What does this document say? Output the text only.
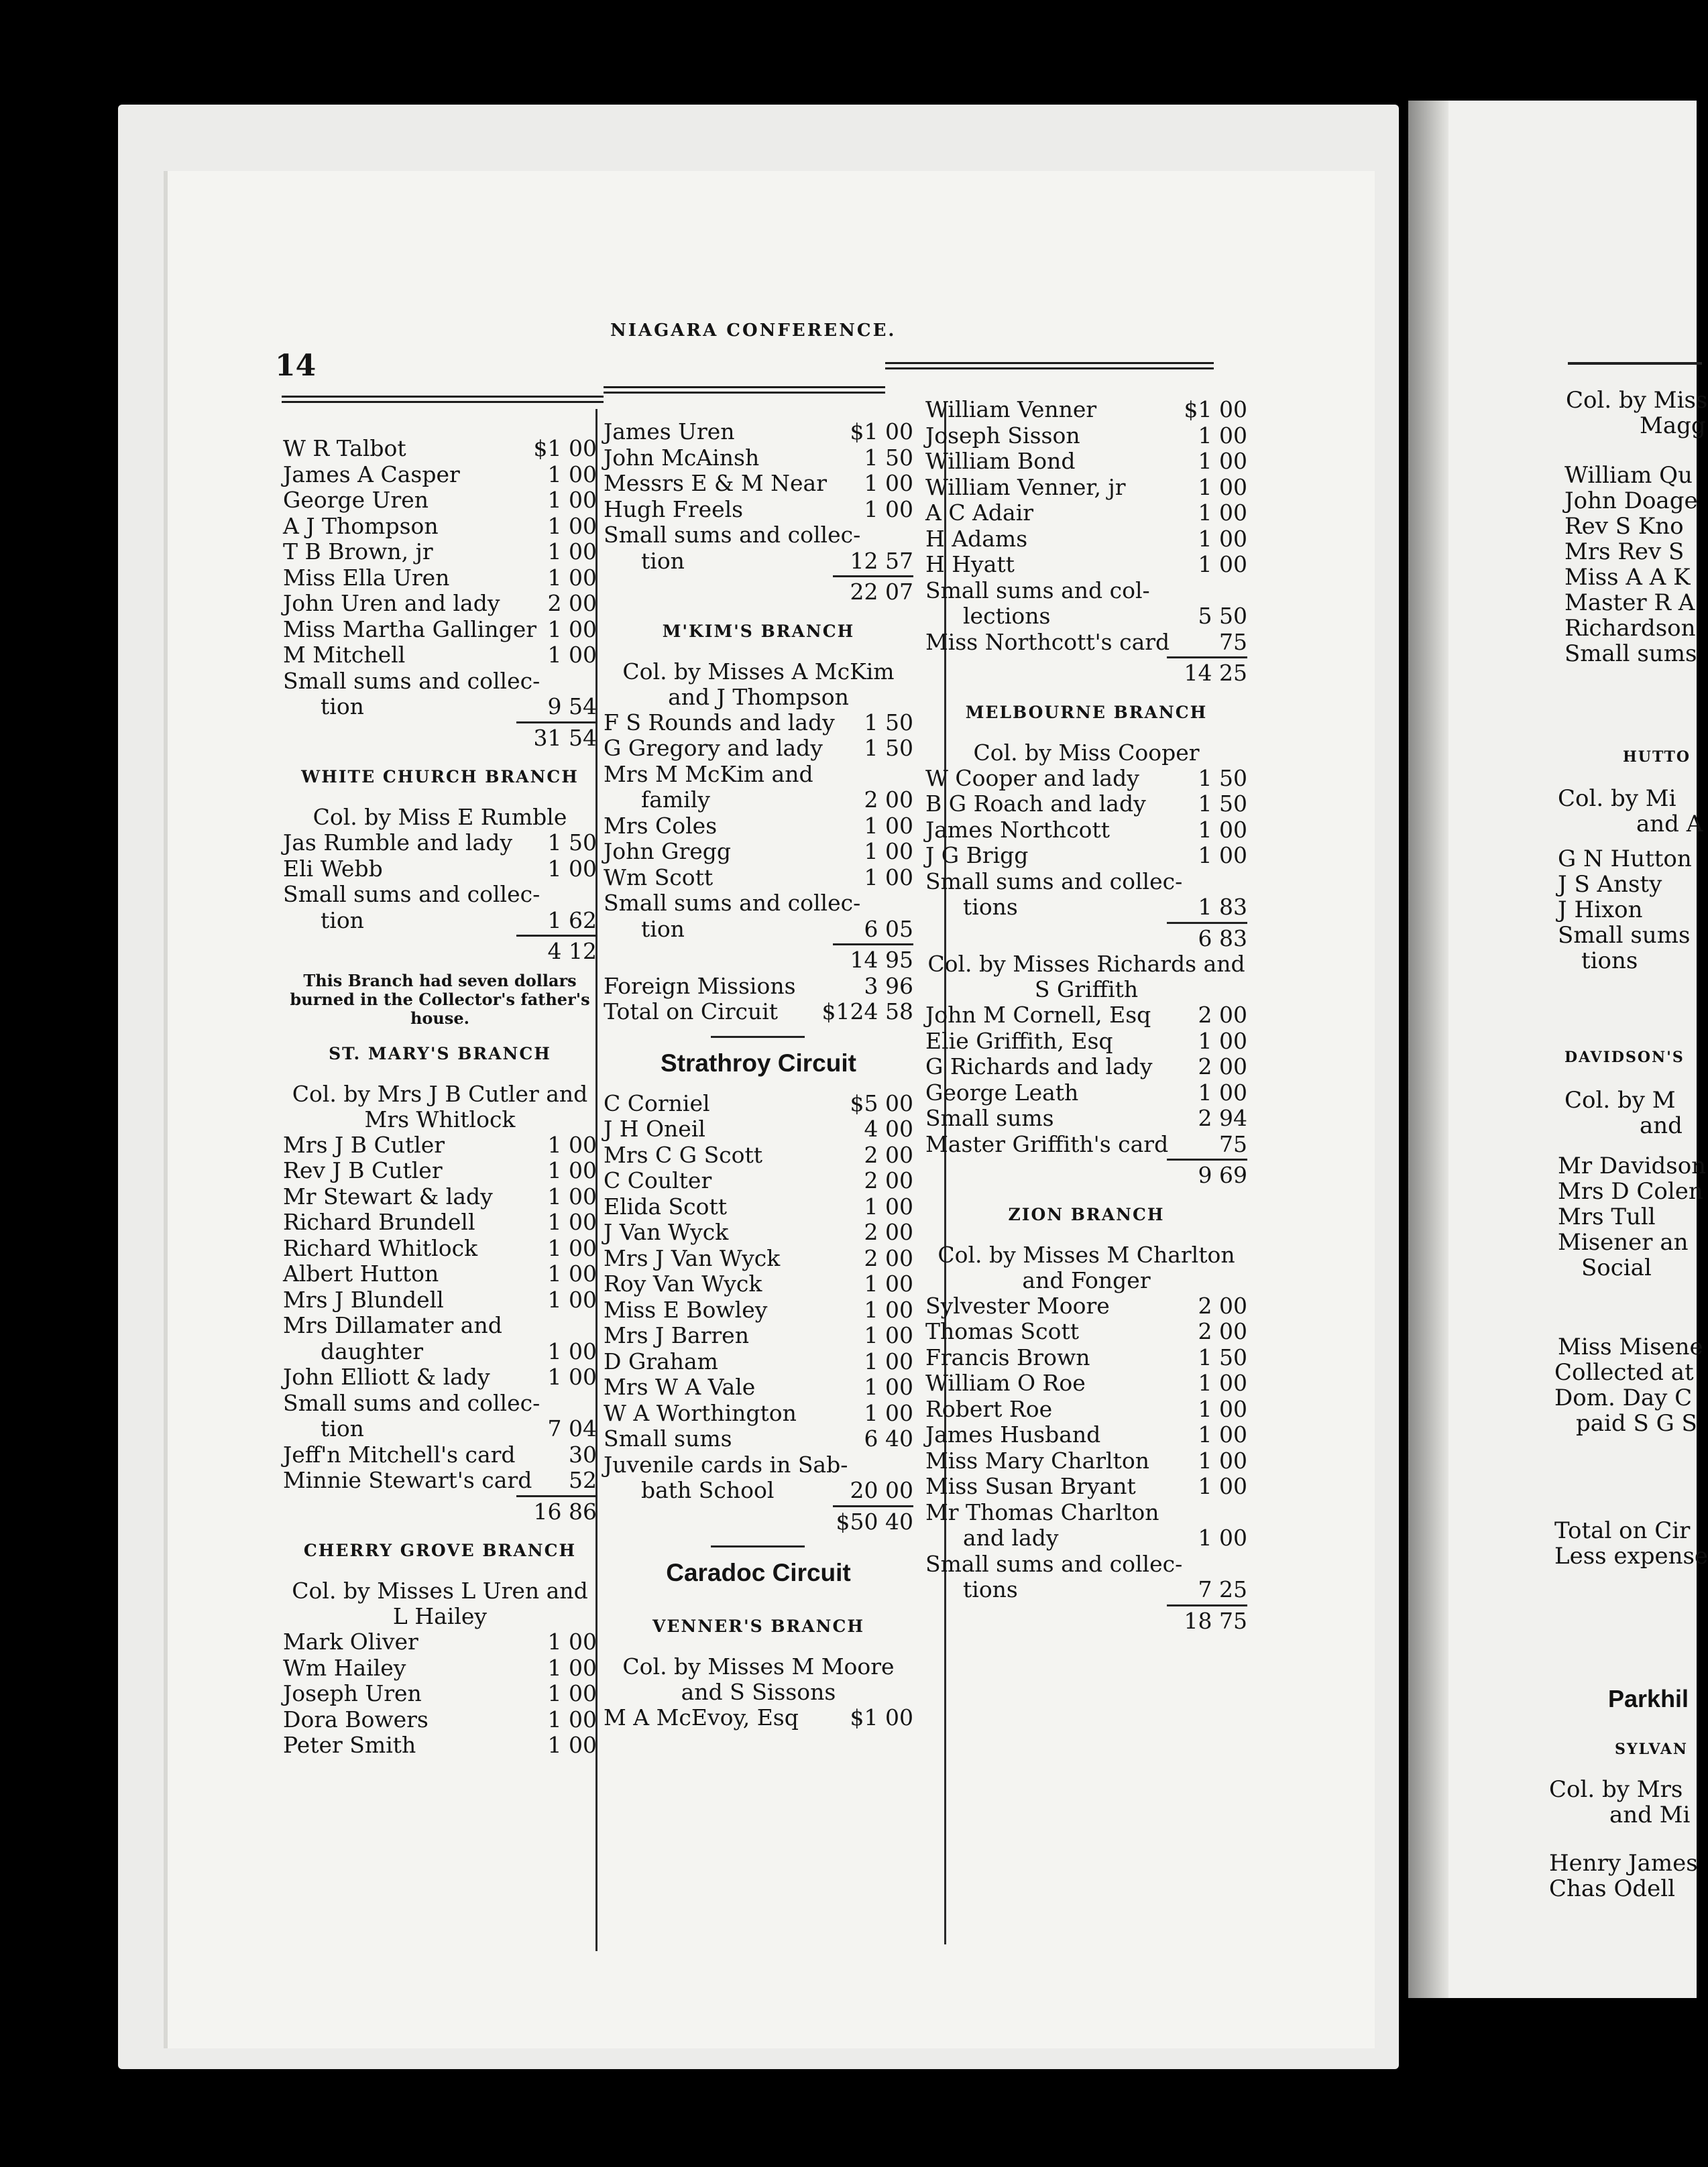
14
NIAGARA CONFERENCE.
W R Talbot	$1 00
James A Casper	1 00
George Uren	1 00
A J Thompson	1 00
T B Brown, jr	1 00
Miss Ella Uren	1 00
John Uren and lady 2 00
Miss Martha Gallinger 1 00
M Mitchell	1 00
Small sums and collec-
tion	9 54
31 54
WHITE CHURCH BRANCH
Col. by Miss E Rumble
Jas Rumble and lady 1 50
Eli Webb	1 00
Small sums and collec-
tion	1 62
4 12
This Branch had seven dollars burned in the Collector's father's house.
ST. MARY'S BRANCH
Col. by Mrs J B Cutler and
Mrs Whitlock
Mrs J B Cutler	1 00
Rev J B Cutler	1 00
Mr Stewart & lady 1 00
Richard Brundell	1 00
Richard Whitlock	1 00
Albert Hutton	1 00
Mrs J Blundell	1 00
Mrs Dillamater and
daughter	1 00
John Elliott & lady	1 00
Small sums and collec-
tion	7 04
Jeff'n Mitchell's card 30
Minnie Stewart's card 52
16 86
CHERRY GROVE BRANCH
Col. by Misses L Uren and
L Hailey
Mark Oliver	1 00
Wm Hailey	1 00
Joseph Uren	1 00
Dora Bowers	1 00
Peter Smith	1 00
James Uren	$1 00
John McAinsh	1 50
Messrs E & M Near 1 00
Hugh Freels	1 00
Small sums and collec-
tion	12 57
22 07
M'KIM'S BRANCH
Col. by Misses A McKim
and J Thompson
F S Rounds and lady 1 50
G Gregory and lady 1 50
Mrs M McKim and
family	2 00
Mrs Coles	1 00
John Gregg	1 00
Wm Scott	1 00
Small sums and collec-
tion	6 05
14 95
Foreign Missions	3 96
Total on Circuit $124 58
Strathroy Circuit
C Corniel	$5 00
J H Oneil	4 00
Mrs C G Scott	2 00
C Coulter	2 00
Elida Scott	1 00
J Van Wyck	2 00
Mrs J Van Wyck	2 00
Roy Van Wyck	1 00
Miss E Bowley	1 00
Mrs J Barren	1 00
D Graham	1 00
Mrs W A Vale	1 00
W A Worthington	1 00
Small sums	6 40
Juvenile cards in Sab-
bath School	20 00
$50 40
Caradoc Circuit
VENNER'S BRANCH
Col. by Misses M Moore
and S Sissons
M A McEvoy, Esq $1 00
William Venner	$1 00
Joseph Sisson	1 00
William Bond	1 00
William Venner, jr	1 00
A C Adair	1 00
H Adams	1 00
H Hyatt	1 00
Small sums and col-
lections	5 50
Miss Northcott's card 75
14 25
MELBOURNE BRANCH
Col. by Miss Cooper
W Cooper and lady	1 50
B G Roach and lady 1 50
James Northcott	1 00
J G Brigg	1 00
Small sums and collec-
tions	1 83
6 83
Col. by Misses Richards and
S Griffith
John M Cornell, Esq 2 00
Elie Griffith, Esq	1 00
G Richards and lady 2 00
George Leath	1 00
Small sums	2 94
Master Griffith's card 75
9 69
ZION BRANCH
Col. by Misses M Charlton
and Fonger
Sylvester Moore	2 00
Thomas Scott	2 00
Francis Brown	1 50
William O Roe	1 00
Robert Roe	1 00
James Husband	1 00
Miss Mary Charlton 1 00
Miss Susan Bryant	1 00
Mr Thomas Charlton
and lady	1 00
Small sums and collec-
tions	7 25
18 75
Col. by Miss
Magg
William Qu
John Doage
Rev S Kno
Mrs Rev S
Miss A A K
Master R A
Richardson
Small sums
HUTTO
Col. by Mi
and A
G N Hutton
J S Ansty
J Hixon
Small sums
tions
DAVIDSON'S
Col. by M
and
Mr Davidson
Mrs D Colen
Mrs Tull
Misener an
Social
Miss Misene
Collected at
Dom. Day C
paid S G S
Total on Cir
Less expense
Parkhil
SYLVAN
Col. by Mrs
and Mi
Henry James
Chas Odell
